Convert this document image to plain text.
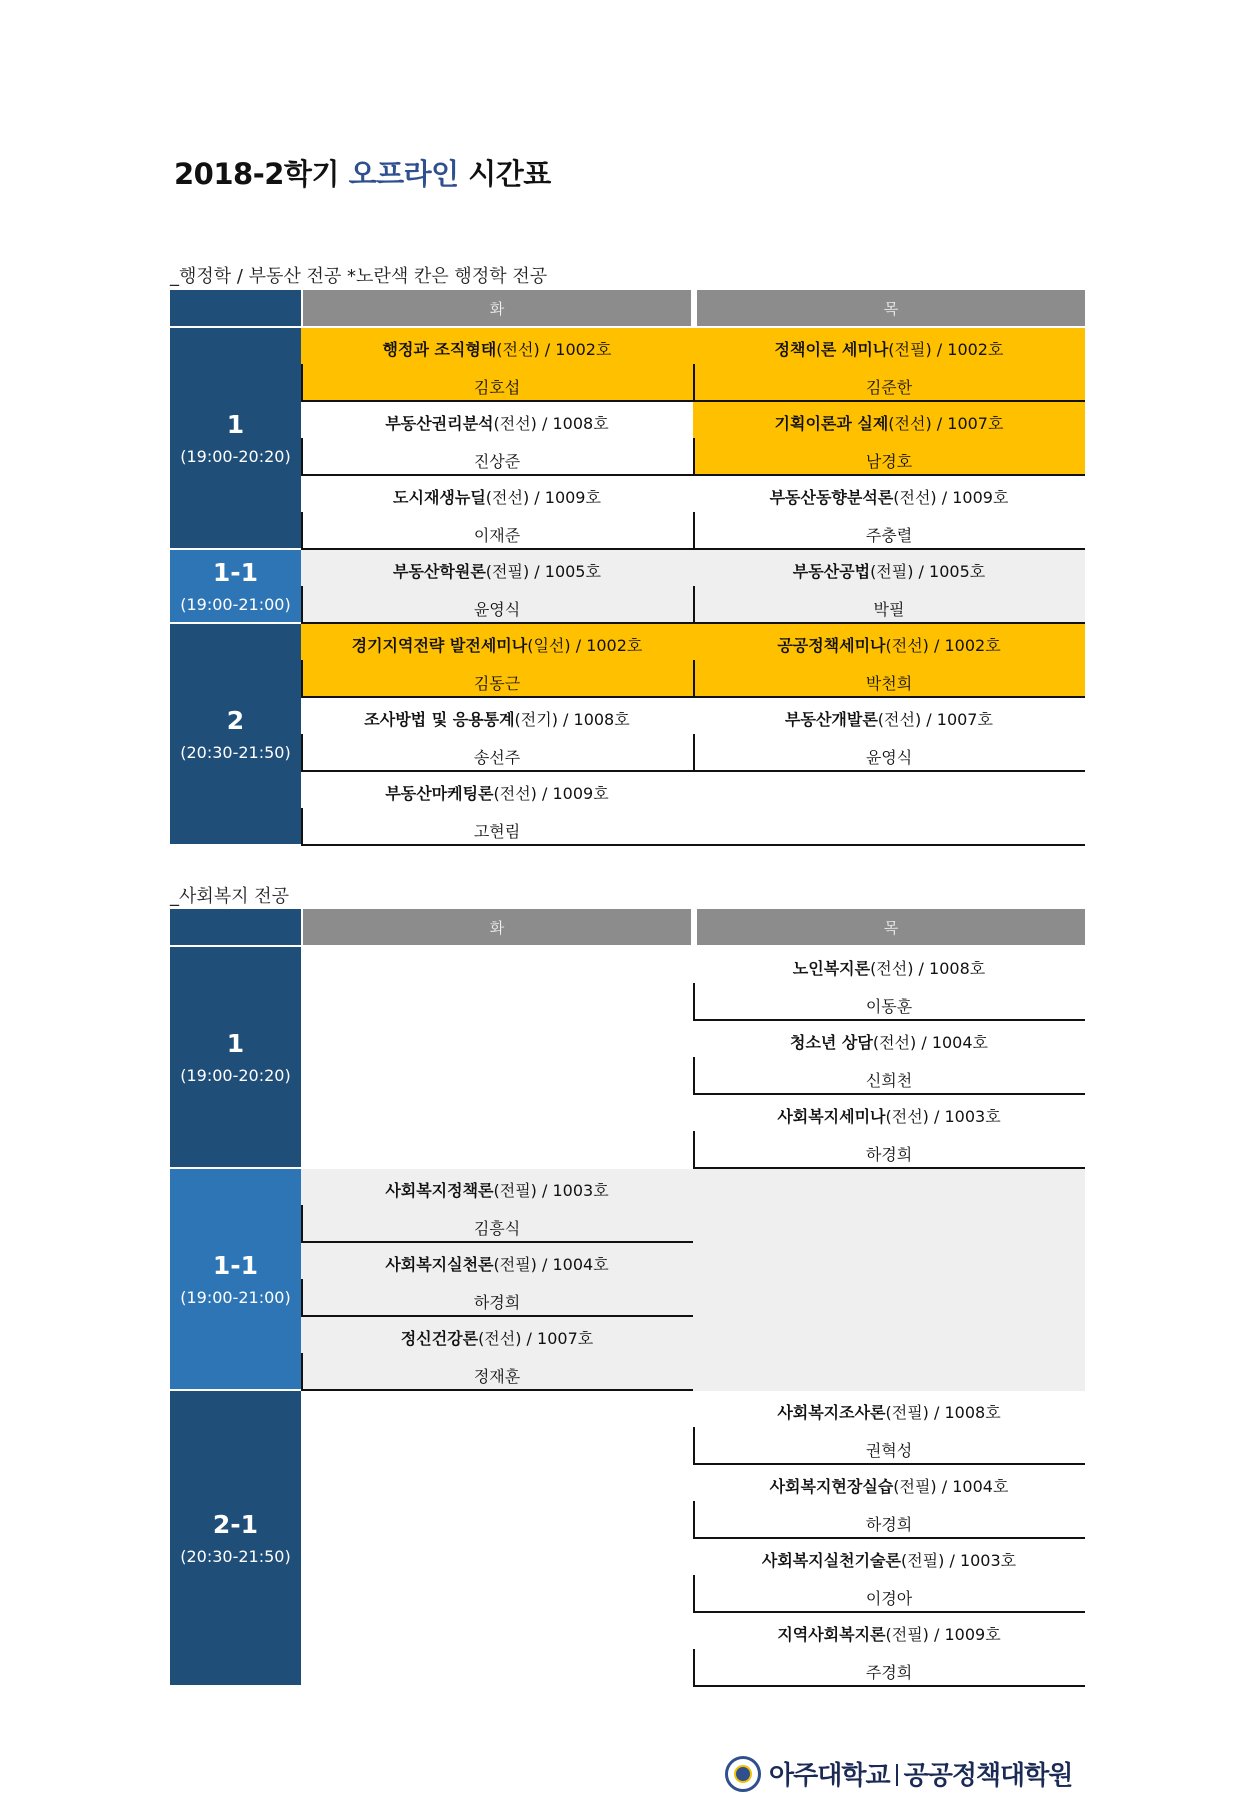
2018-2학기 오프라인 시간표
_행정학 / 부동산 전공 *노란색 칸은 행정학 전공
화	목
1
(19:00-20:20)
1-1
(19:00-21:00)
2
(20:30-21:50)
행정과 조직형태(전선) / 1002호
김호섭
정책이론 세미나(전필) / 1002호
김준한
부동산권리분석(전선) / 1008호
진상준
기획이론과 실제(전선) / 1007호
남경호
도시재생뉴딜(전선) / 1009호
이재준
부동산동향분석론(전선) / 1009호
주충렬
부동산학원론(전필) / 1005호
윤영식
부동산공법(전필) / 1005호
박필
경기지역전략 발전세미나(일선) / 1002호
김동근
공공정책세미나(전선) / 1002호
박천희
조사방법 및 응용통계(전기) / 1008호
송선주
부동산개발론(전선) / 1007호
윤영식
부동산마케팅론(전선) / 1009호
고현림
_사회복지 전공
화	목
1
(19:00-20:20)
1-1
(19:00-21:00)
2-1
(20:30-21:50)
노인복지론(전선) / 1008호
이동훈
청소년 상담(전선) / 1004호
신희천
사회복지세미나(전선) / 1003호
하경희
사회복지정책론(전필) / 1003호
김흥식
사회복지실천론(전필) / 1004호
하경희
정신건강론(전선) / 1007호
정재훈
사회복지조사론(전필) / 1008호
권혁성
사회복지현장실습(전필) / 1004호
하경희
사회복지실천기술론(전필) / 1003호
이경아
지역사회복지론(전필) / 1009호
주경희
아주대학교 공공정책대학원
